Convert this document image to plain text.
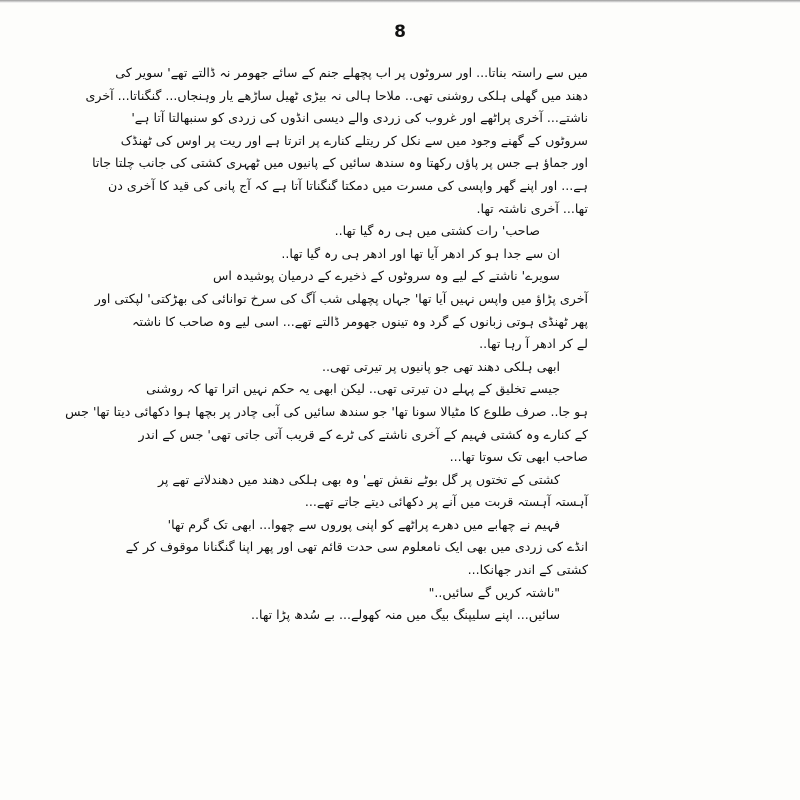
8
میں سے راستہ بناتا... اور سروٹوں پر اب پچھلے جنم کے سائے جھومر نہ ڈالتے تھے' سویر کی
دھند میں گھلی ہلکی روشنی تھی.. ملاحا ہالی نہ بیڑی ٹھیل ساڑھے یار وہنجاں... گنگناتا... آخری
ناشتے... آخری پراٹھے اور غروب کی زردی والے دیسی انڈوں کی زردی کو سنبھالتا آتا ہے'
سروٹوں کے گھنے وجود میں سے نکل کر ریتلے کنارے پر اترتا ہے اور ریت پر اوس کی ٹھنڈک
اور جماؤ ہے جس پر پاؤں رکھتا وہ سندھ سائیں کے پانیوں میں ٹھہری کشتی کی جانب چلتا جاتا
ہے... اور اپنے گھر واپسی کی مسرت میں دمکتا گنگناتا آتا ہے کہ آج پانی کی قید کا آخری دن
تھا... آخری ناشتہ تھا.
صاحب' رات کشتی میں ہی رہ گیا تھا..
ان سے جدا ہو کر ادھر آیا تھا اور ادھر ہی رہ گیا تھا..
سویرے' ناشتے کے لیے وہ سروٹوں کے ذخیرے کے درمیان پوشیدہ اس
آخری پڑاؤ میں واپس نہیں آیا تھا' جہاں پچھلی شب آگ کی سرخ توانائی کی بھڑکتی' لپکتی اور
پھر ٹھنڈی ہوتی زبانوں کے گرد وہ تینوں جھومر ڈالتے تھے... اسی لیے وہ صاحب کا ناشتہ
لے کر ادھر آ رہا تھا..
ابھی ہلکی دھند تھی جو پانیوں پر تیرتی تھی..
جیسے تخلیق کے پہلے دن تیرتی تھی.. لیکن ابھی یہ حکم نہیں اترا تھا کہ روشنی
ہو جا.. صرف طلوع کا مٹیالا سونا تھا' جو سندھ سائیں کی آبی چادر پر بچھا ہوا دکھائی دیتا تھا' جس
کے کنارے وہ کشتی فہیم کے آخری ناشتے کی ٹرے کے قریب آتی جاتی تھی' جس کے اندر
صاحب ابھی تک سوتا تھا...
کشتی کے تختوں پر گل بوٹے نقش تھے' وہ بھی ہلکی دھند میں دھندلاتے تھے پر
آہستہ آہستہ قربت میں آنے پر دکھائی دیتے جاتے تھے...
فہیم نے چھابے میں دھرے پراٹھے کو اپنی پوروں سے چھوا... ابھی تک گرم تھا'
انڈے کی زردی میں بھی ایک نامعلوم سی حدت قائم تھی اور پھر اپنا گنگنانا موقوف کر کے
کشتی کے اندر جھانکا...
"ناشتہ کریں گے سائیں.."
سائیں... اپنے سلیپنگ بیگ میں منہ کھولے... بے سُدھ پڑا تھا..
